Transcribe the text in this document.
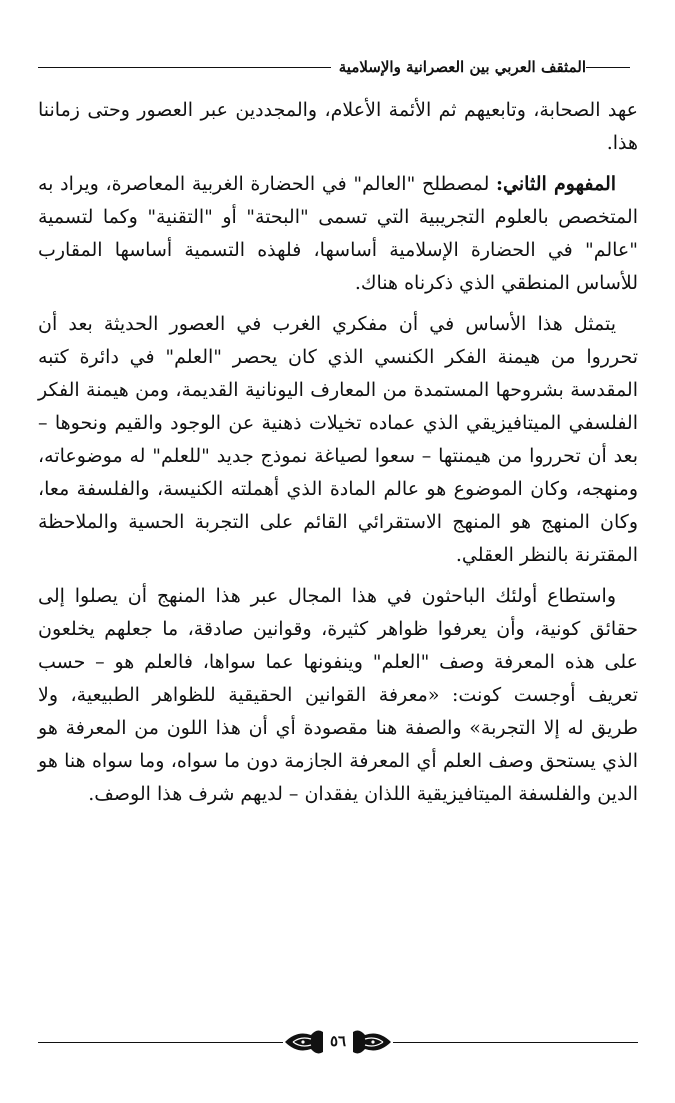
المثقف العربي بين العصرانية والإسلامية

عهد الصحابة، وتابعيهم ثم الأئمة الأعلام، والمجددين عبر العصور وحتى زماننا هذا.

المفهوم الثاني: لمصطلح "العالم" في الحضارة الغربية المعاصرة، ويراد به المتخصص بالعلوم التجريبية التي تسمى "البحتة" أو "التقنية" وكما لتسمية "عالم" في الحضارة الإسلامية أساسها، فلهذه التسمية أساسها المقارب للأساس المنطقي الذي ذكرناه هناك.

يتمثل هذا الأساس في أن مفكري الغرب في العصور الحديثة بعد أن تحرروا من هيمنة الفكر الكنسي الذي كان يحصر "العلم" في دائرة كتبه المقدسة بشروحها المستمدة من المعارف اليونانية القديمة، ومن هيمنة الفكر الفلسفي الميتافيزيقي الذي عماده تخيلات ذهنية عن الوجود والقيم ونحوها – بعد أن تحرروا من هيمنتها – سعوا لصياغة نموذج جديد "للعلم" له موضوعاته، ومنهجه، وكان الموضوع هو عالم المادة الذي أهملته الكنيسة، والفلسفة معا، وكان المنهج هو المنهج الاستقرائي القائم على التجربة الحسية والملاحظة المقترنة بالنظر العقلي.

واستطاع أولئك الباحثون في هذا المجال عبر هذا المنهج أن يصلوا إلى حقائق كونية، وأن يعرفوا ظواهر كثيرة، وقوانين صادقة، ما جعلهم يخلعون على هذه المعرفة وصف "العلم" وينفونها عما سواها، فالعلم هو – حسب تعريف أوجست كونت: «معرفة القوانين الحقيقية للظواهر الطبيعية، ولا طريق له إلا التجربة» والصفة هنا مقصودة أي أن هذا اللون من المعرفة هو الذي يستحق وصف العلم أي المعرفة الجازمة دون ما سواه، وما سواه هنا هو الدين والفلسفة الميتافيزيقية اللذان يفقدان – لديهم شرف هذا الوصف.

٥٦
